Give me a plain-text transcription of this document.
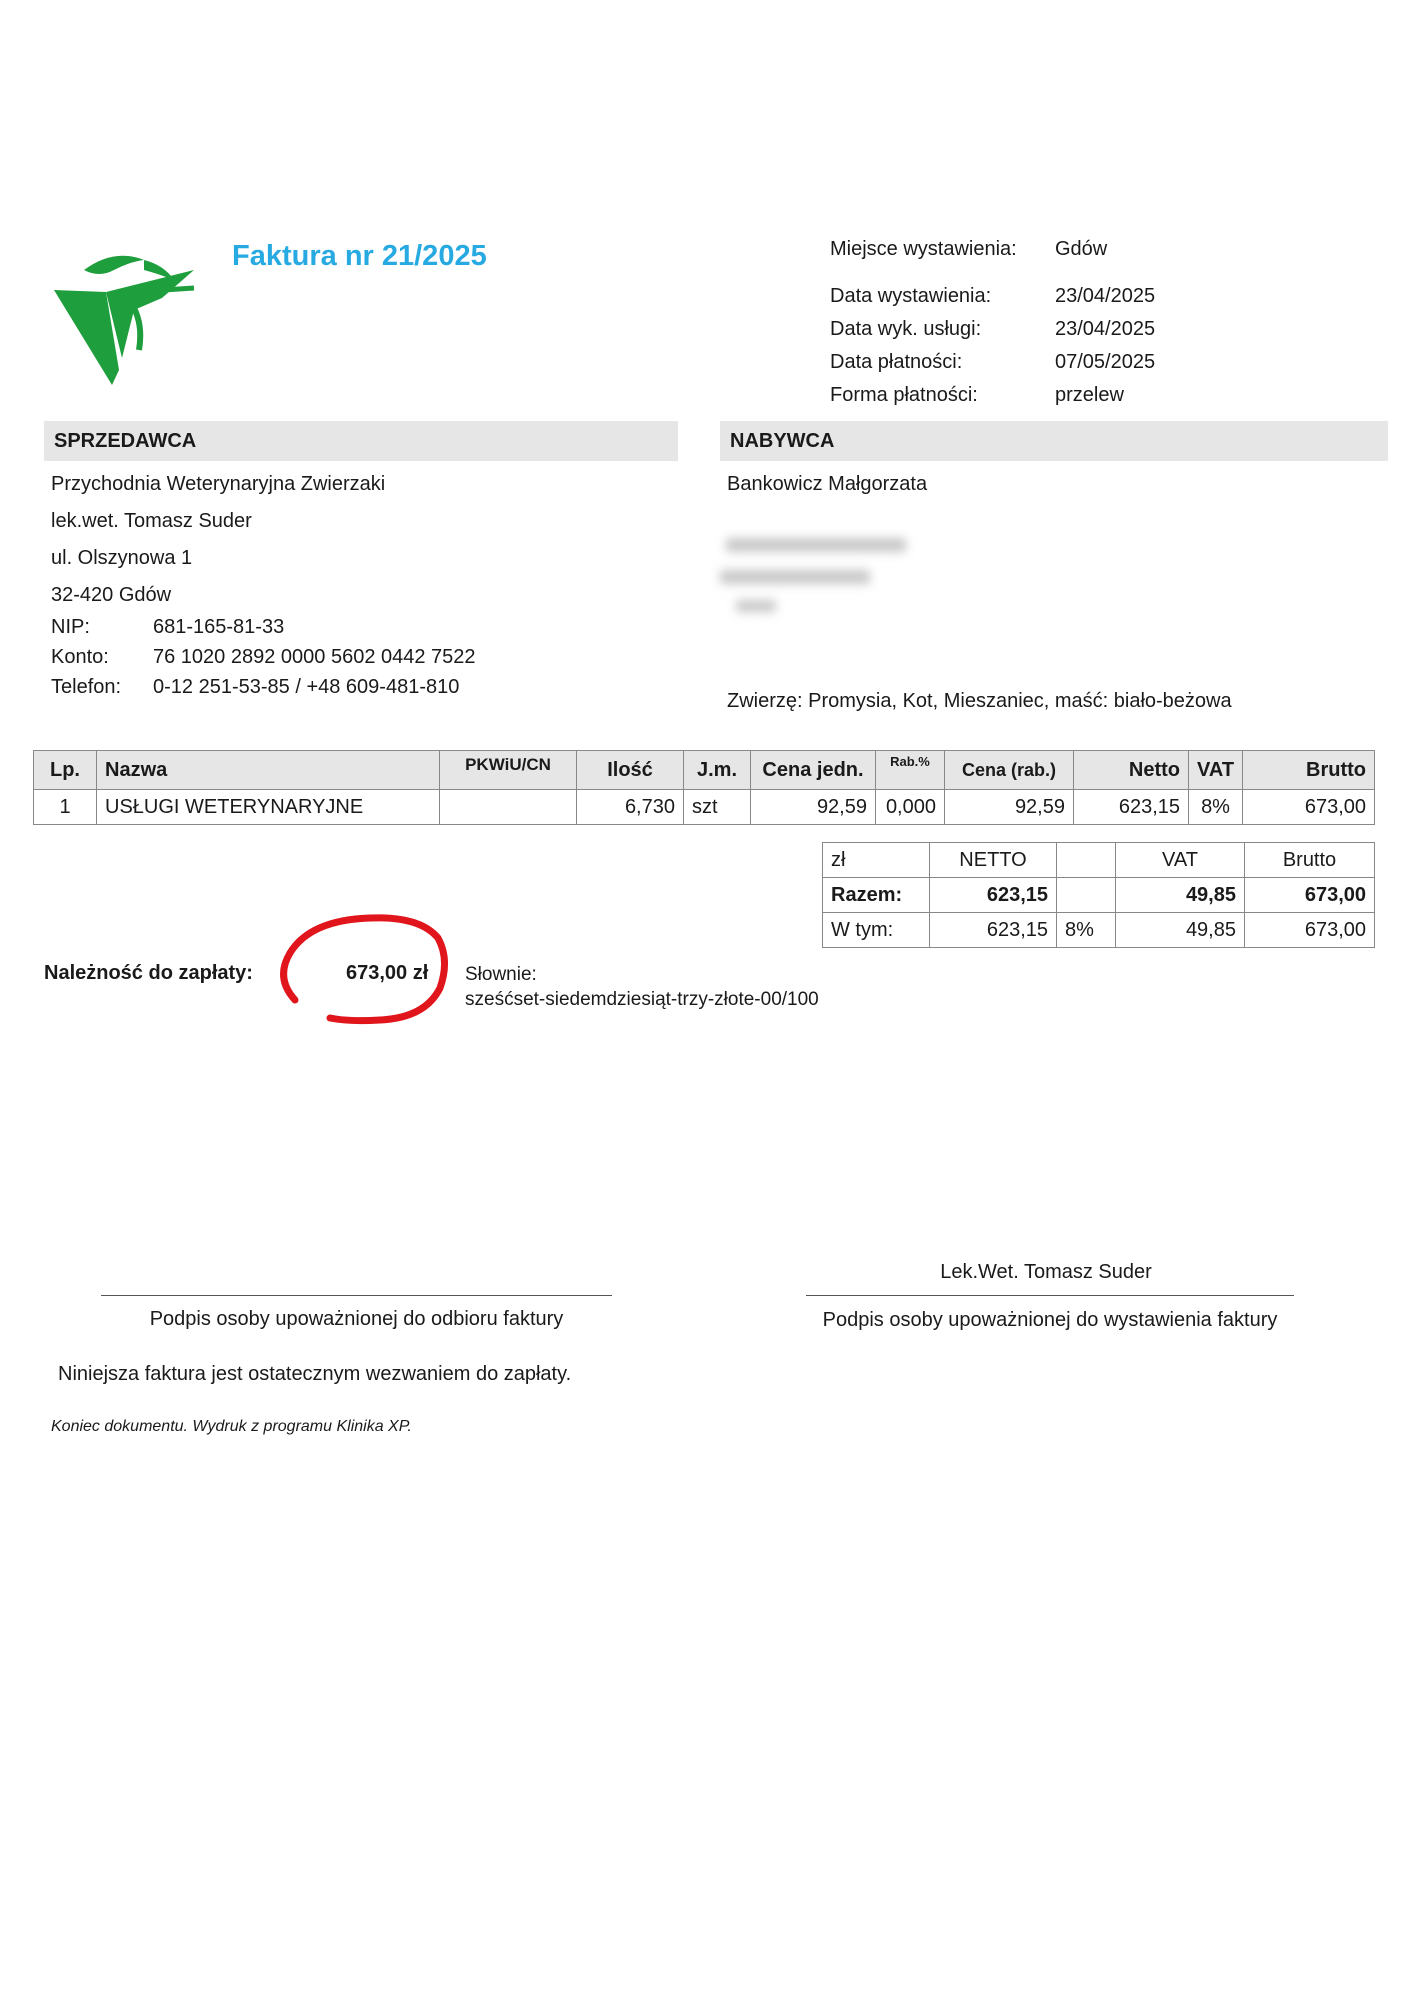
Faktura nr 21/2025	Miejsce wystawienia:	Gdów
Data wystawienia:	23/04/2025
Data wyk. usługi:	23/04/2025
Data płatności:	07/05/2025
Forma płatności:	przelew
SPRZEDAWCA
Przychodnia Weterynaryjna Zwierzaki
lek.wet. Tomasz Suder
ul. Olszynowa 1
32-420 Gdów
NIP:	681-165-81-33
Konto:	76 1020 2892 0000 5602 0442 7522
Telefon:	0-12 251-53-85 / +48 609-481-810
NABYWCA
Bankowicz Małgorzata
Zwierzę: Promysia, Kot, Mieszaniec, maść: biało-beżowa
Lp.	Nazwa	PKWiU/CN	Ilość	J.m.	Cena jedn.	Rab.%	Cena (rab.)	Netto	VAT	Brutto
1	USŁUGI WETERYNARYJNE		6,730	szt	92,59	0,000	92,59	623,15	8%	673,00
zł	NETTO		VAT	Brutto
Razem:	623,15		49,85	673,00
W tym:	623,15	8%	49,85	673,00
Należność do zapłaty:	673,00 zł Słownie:
sześćset-siedemdziesiąt-trzy-złote-00/100
Lek.Wet. Tomasz Suder
Podpis osoby upoważnionej do odbioru faktury	Podpis osoby upoważnionej do wystawienia faktury
Niniejsza faktura jest ostatecznym wezwaniem do zapłaty.
Koniec dokumentu. Wydruk z programu Klinika XP.
